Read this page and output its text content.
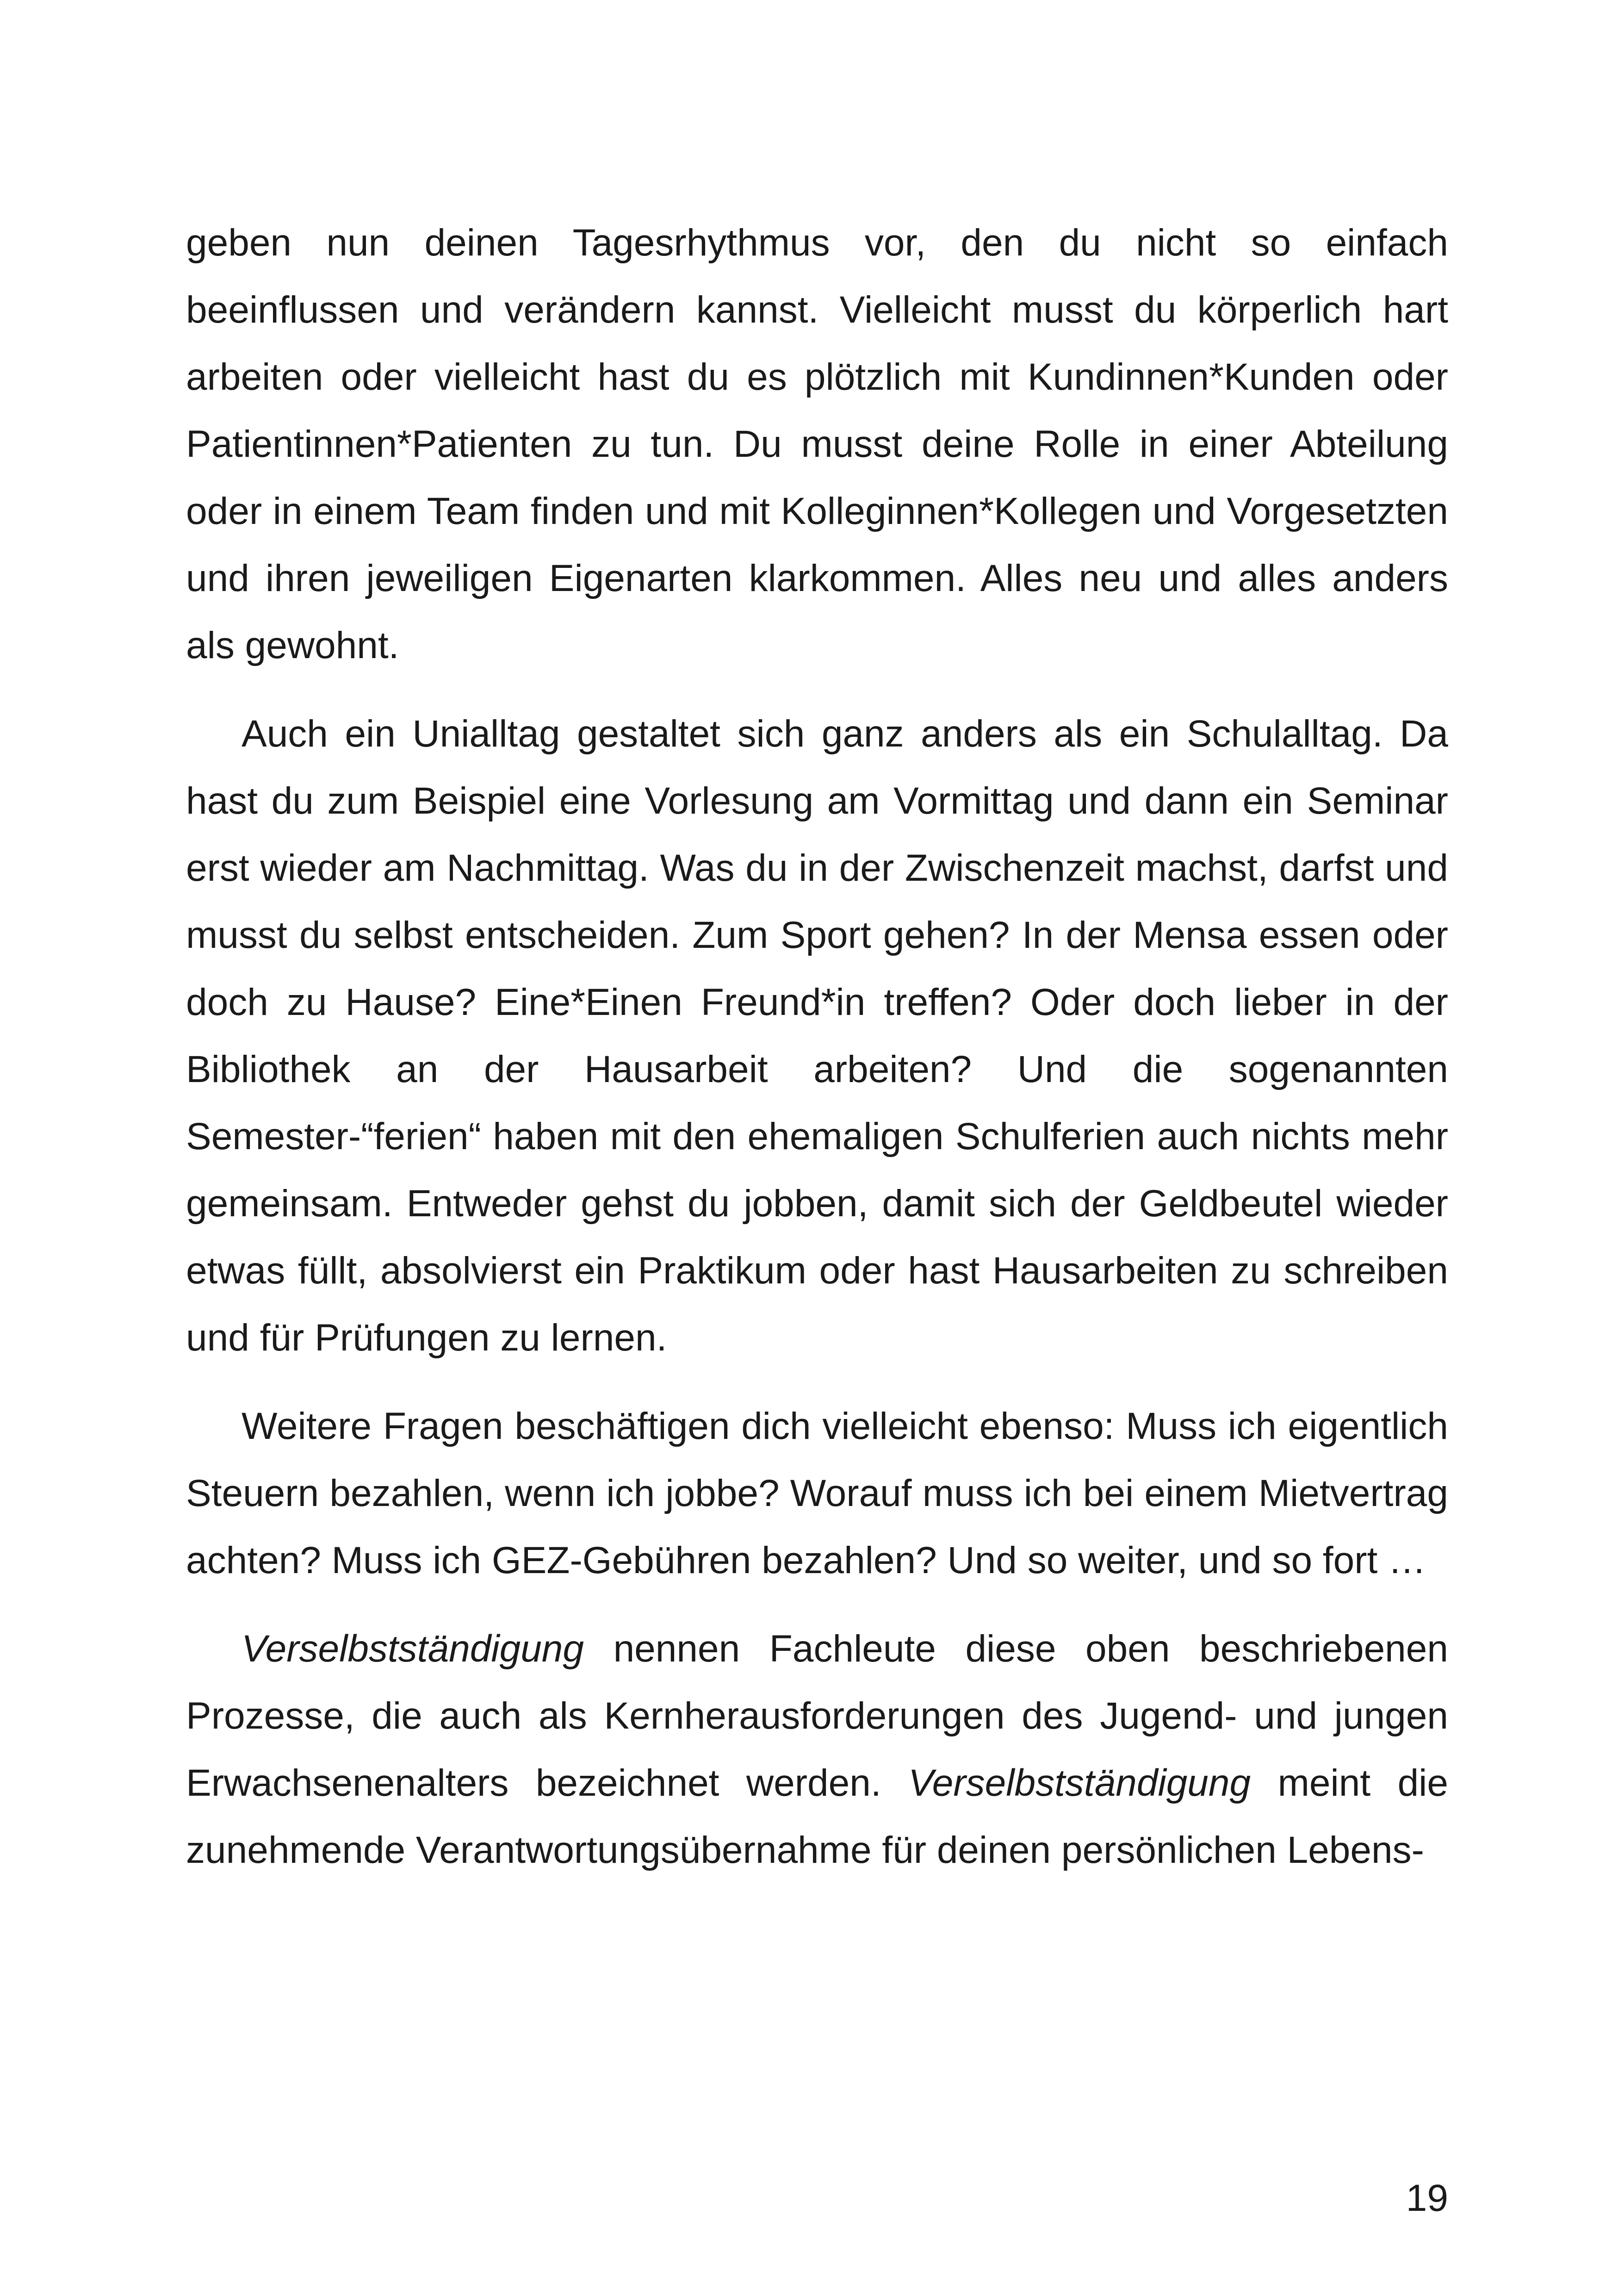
geben nun deinen Tagesrhythmus vor, den du nicht so einfach beeinflussen und verändern kannst. Vielleicht musst du körperlich hart arbeiten oder vielleicht hast du es plötzlich mit Kundinnen*Kunden oder Patientinnen*Patienten zu tun. Du musst deine Rolle in einer Abteilung oder in einem Team finden und mit Kolleginnen*Kollegen und Vorgesetzten und ihren jeweiligen Eigenarten klarkommen. Alles neu und alles anders als gewohnt.

Auch ein Unialltag gestaltet sich ganz anders als ein Schulalltag. Da hast du zum Beispiel eine Vorlesung am Vormittag und dann ein Seminar erst wieder am Nachmittag. Was du in der Zwischenzeit machst, darfst und musst du selbst entscheiden. Zum Sport gehen? In der Mensa essen oder doch zu Hause? Eine*Einen Freund*in treffen? Oder doch lieber in der Bibliothek an der Hausarbeit arbeiten? Und die sogenannten Semester-“ferien“ haben mit den ehemaligen Schulferien auch nichts mehr gemeinsam. Entweder gehst du jobben, damit sich der Geldbeutel wieder etwas füllt, absolvierst ein Praktikum oder hast Hausarbeiten zu schreiben und für Prüfungen zu lernen.

Weitere Fragen beschäftigen dich vielleicht ebenso: Muss ich eigentlich Steuern bezahlen, wenn ich jobbe? Worauf muss ich bei einem Mietvertrag achten? Muss ich GEZ-Gebühren bezahlen? Und so weiter, und so fort …

Verselbstständigung nennen Fachleute diese oben beschriebenen Prozesse, die auch als Kernherausforderungen des Jugend- und jungen Erwachsenenalters bezeichnet werden. Verselbstständigung meint die zunehmende Verantwortungsübernahme für deinen persönlichen Lebens-

19
